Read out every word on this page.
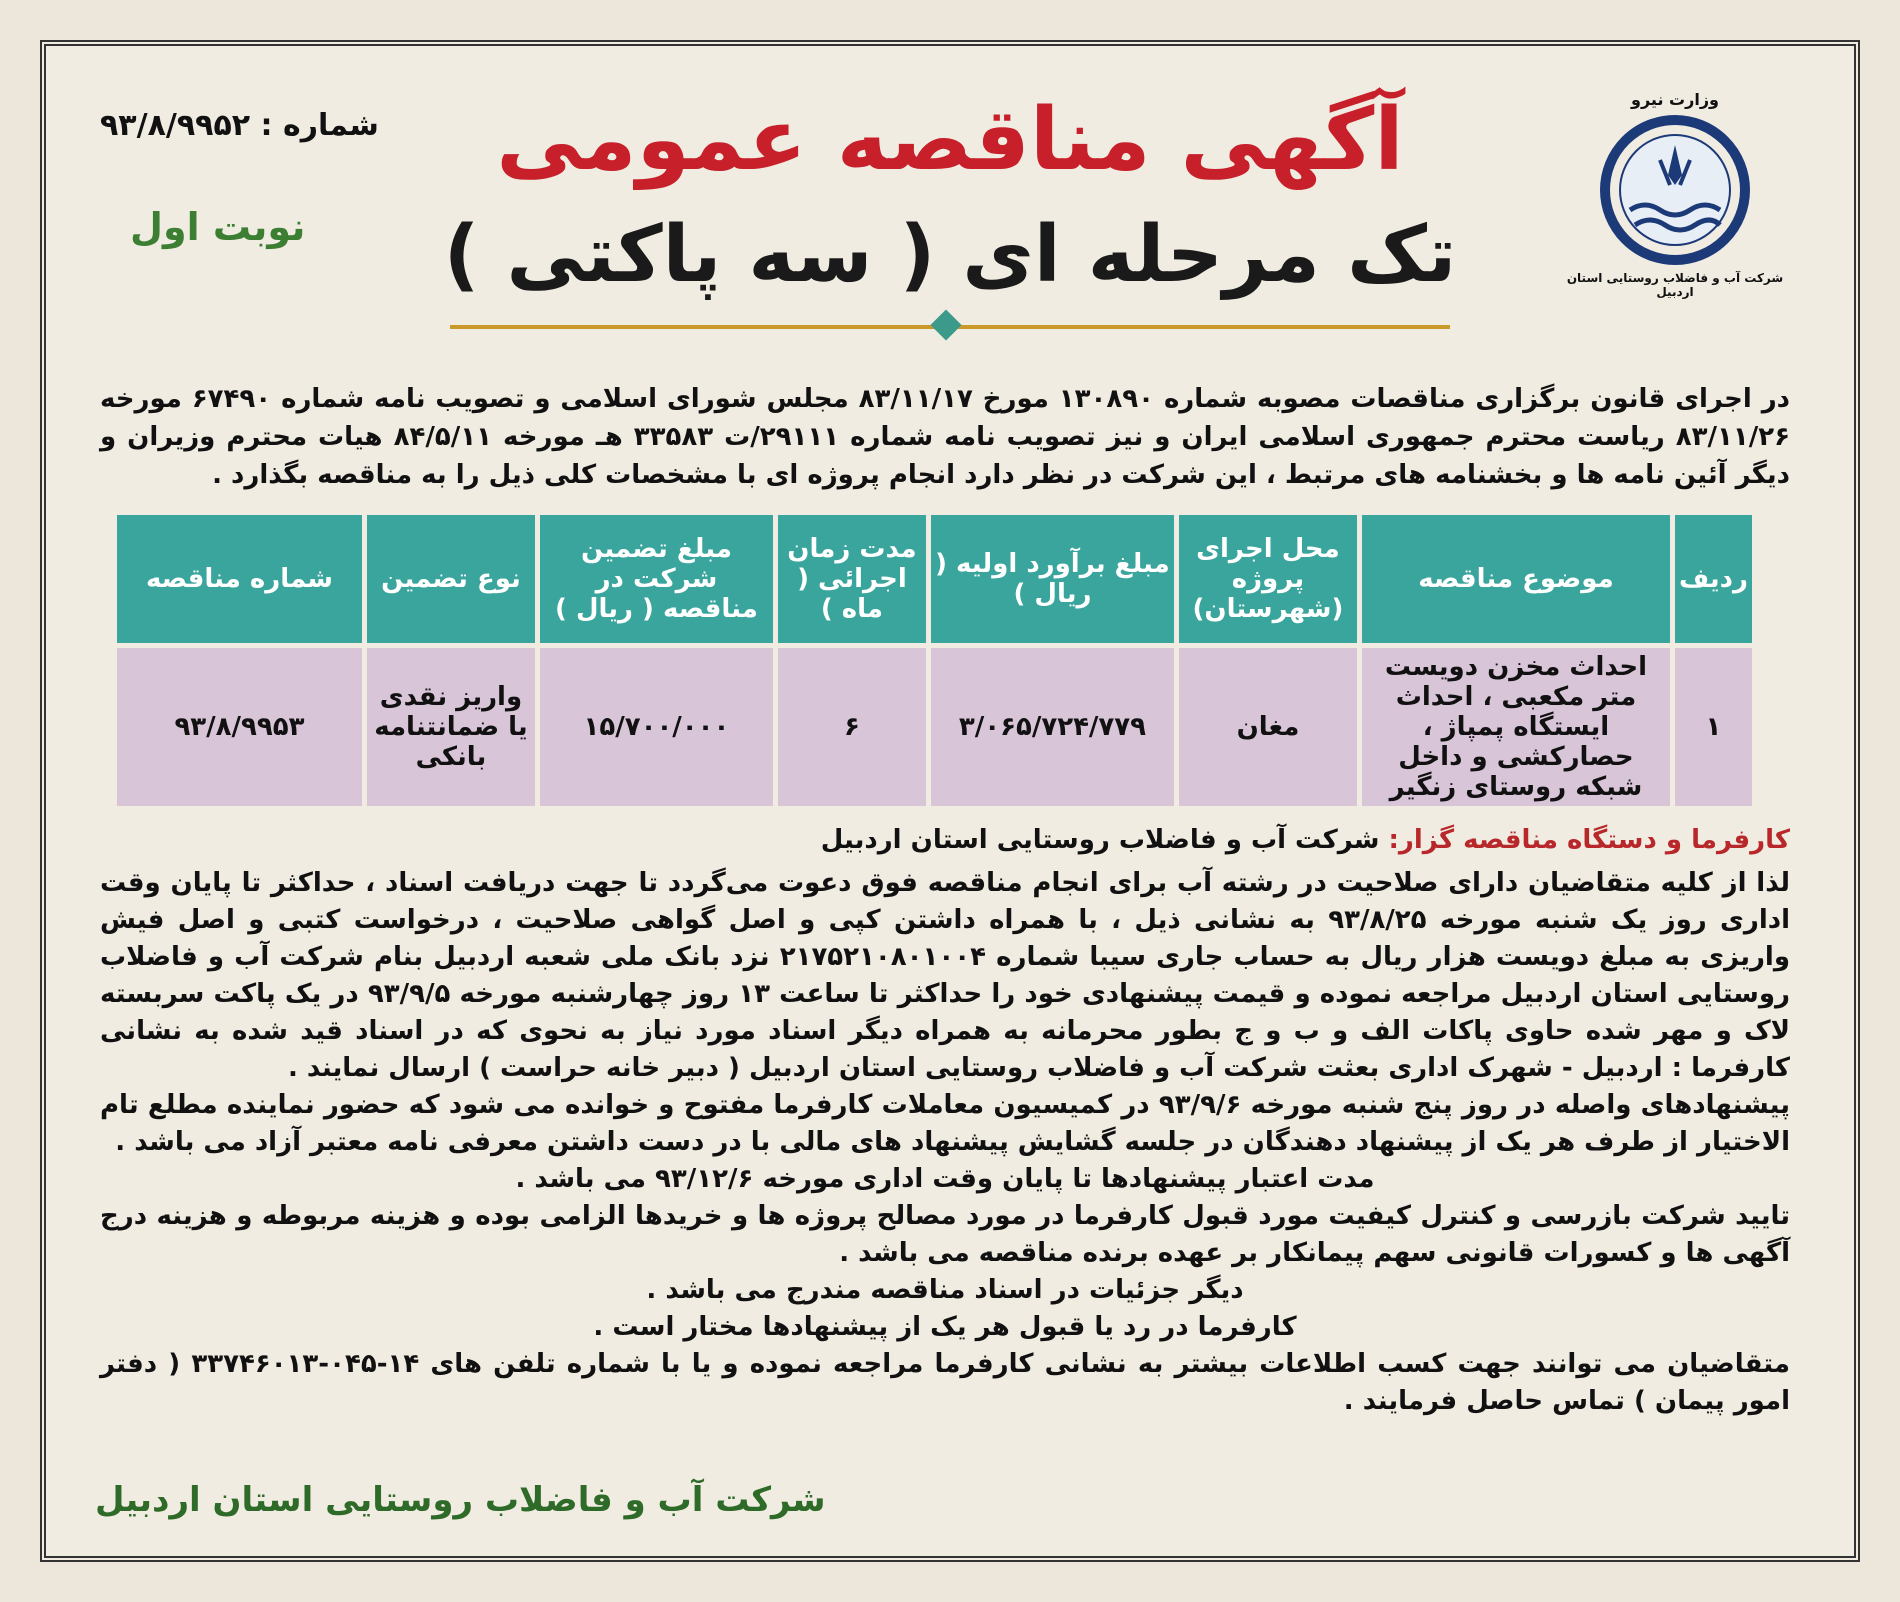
وزارت نیرو
شرکت آب و فاضلاب روستایی استان اردبیل
شماره : ۹۳/۸/۹۹۵۲
نوبت اول
آگهی مناقصه عمومی
تک مرحله ای ( سه پاکتی )
در اجرای قانون برگزاری مناقصات مصوبه شماره ۱۳۰۸۹۰ مورخ ۸۳/۱۱/۱۷ مجلس شورای اسلامی و تصویب نامه شماره ۶۷۴۹۰ مورخه ۸۳/۱۱/۲۶ ریاست محترم جمهوری اسلامی ایران و نیز تصویب نامه شماره ۲۹۱۱۱/ت ۳۳۵۸۳ هـ مورخه ۸۴/۵/۱۱ هیات محترم وزیران و دیگر آئین نامه ها و بخشنامه های مرتبط ، این شرکت در نظر دارد انجام پروژه ای با مشخصات کلی ذیل را به مناقصه بگذارد .
ردیف	موضوع مناقصه	محل اجرای پروژه (شهرستان)	مبلغ برآورد اولیه ( ریال )	مدت زمان اجرائی ( ماه )	مبلغ تضمین شرکت در مناقصه ( ریال )	نوع تضمین	شماره مناقصه
۱	احداث مخزن دویست متر مکعبی ، احداث ایستگاه پمپاژ ، حصارکشی و داخل شبکه روستای زنگیر	مغان	۳/۰۶۵/۷۲۴/۷۷۹	۶	۱۵/۷۰۰/۰۰۰	واریز نقدی یا ضمانتنامه بانکی	۹۳/۸/۹۹۵۳
کارفرما و دستگاه مناقصه گزار: شرکت آب و فاضلاب روستایی استان اردبیل

لذا از کلیه متقاضیان دارای صلاحیت در رشته آب برای انجام مناقصه فوق دعوت می‌گردد تا جهت دریافت اسناد ، حداکثر تا پایان وقت اداری روز یک شنبه مورخه ۹۳/۸/۲۵ به نشانی ذیل ، با همراه داشتن کپی و اصل گواهی صلاحیت ، درخواست کتبی و اصل فیش واریزی به مبلغ دویست هزار ریال به حساب جاری سیبا شماره ۲۱۷۵۲۱۰۸۰۱۰۰۴ نزد بانک ملی شعبه اردبیل بنام شرکت آب و فاضلاب روستایی استان اردبیل مراجعه نموده و قیمت پیشنهادی خود را حداکثر تا ساعت ۱۳ روز چهارشنبه مورخه ۹۳/۹/۵ در یک پاکت سربسته لاک و مهر شده حاوی پاکات الف و ب و ج بطور محرمانه به همراه دیگر اسناد مورد نیاز به نحوی که در اسناد قید شده به نشانی کارفرما : اردبیل - شهرک اداری بعثت شرکت آب و فاضلاب روستایی استان اردبیل ( دبیر خانه حراست ) ارسال نمایند .

پیشنهادهای واصله در روز پنج شنبه مورخه ۹۳/۹/۶ در کمیسیون معاملات کارفرما مفتوح و خوانده می شود که حضور نماینده مطلع تام الاختیار از طرف هر یک از پیشنهاد دهندگان در جلسه گشایش پیشنهاد های مالی با در دست داشتن معرفی نامه معتبر آزاد می باشد .

مدت اعتبار پیشنهادها تا پایان وقت اداری مورخه ۹۳/۱۲/۶ می باشد .

تایید شرکت بازرسی و کنترل کیفیت مورد قبول کارفرما در مورد مصالح پروژه ها و خریدها الزامی بوده و هزینه مربوطه و هزینه درج آگهی ها و کسورات قانونی سهم پیمانکار بر عهده برنده مناقصه می باشد .

دیگر جزئیات در اسناد مناقصه مندرج می باشد .

کارفرما در رد یا قبول هر یک از پیشنهادها مختار است .

متقاضیان می توانند جهت کسب اطلاعات بیشتر به نشانی کارفرما مراجعه نموده و یا با شماره تلفن های ۱۴-۰۴۵-۳۳۷۴۶۰۱۳ ( دفتر امور پیمان ) تماس حاصل فرمایند .

شرکت آب و فاضلاب روستایی استان اردبیل
